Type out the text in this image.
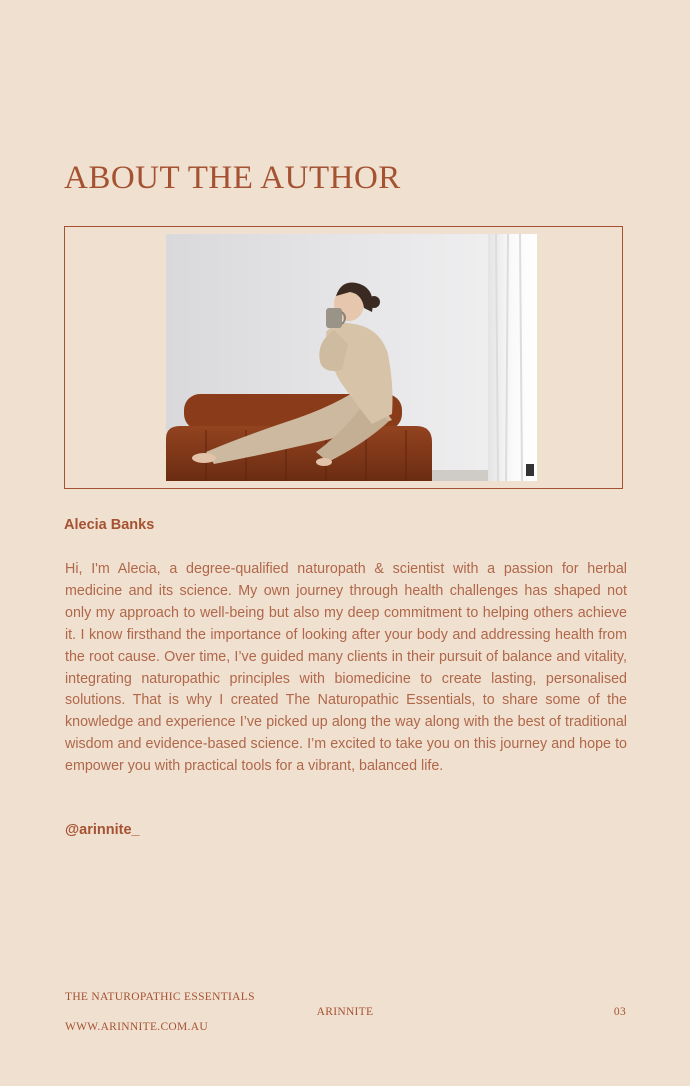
ABOUT THE AUTHOR
Alecia Banks

Hi, I'm Alecia, a degree-qualified naturopath & scientist with a passion for herbal medicine and its science. My own journey through health challenges has shaped not only my approach to well-being but also my deep commitment to helping others achieve it. I know firsthand the importance of looking after your body and addressing health from the root cause. Over time, I’ve guided many clients in their pursuit of balance and vitality, integrating naturopathic principles with biomedicine to create lasting, personalised solutions. That is why I created The Naturopathic Essentials, to share some of the knowledge and experience I’ve picked up along the way along with the best of traditional wisdom and evidence-based science. I’m excited to take you on this journey and hope to empower you with practical tools for a vibrant, balanced life.

@arinnite_

THE NATUROPATHIC ESSENTIALS
WWW.ARINNITE.COM.AU
ARINNITE	03
